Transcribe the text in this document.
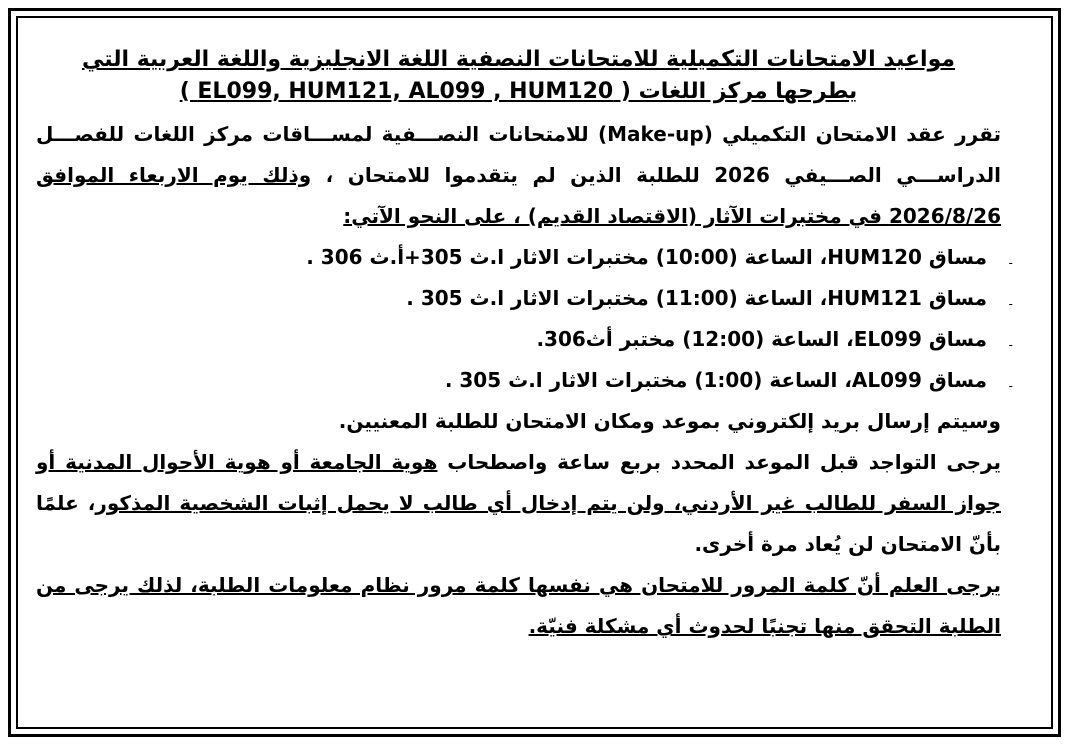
مواعيد الامتحانات التكميلية للامتحانات النصفية اللغة الانجليزية واللغة العربية التي
يطرحها مركز اللغات ( EL099, HUM121, AL099 , HUM120 )
تقرر عقد الامتحان التكميلي (Make-up) للامتحانات النصـــفية لمســـاقات مركز اللغات للفصـــل الدراســـي الصـــيفي 2026 للطلبة الذين لم يتقدموا للامتحان ، وذلك يوم الاربعاء الموافق 2026/8/26 في مختبرات الآثار (الاقتصاد القديم) ، على النحو الآتي:
- مساق HUM120، الساعة (10:00) مختبرات الاثار ا.ث 305+أ.ث 306 .
- مساق HUM121، الساعة (11:00) مختبرات الاثار ا.ث 305 .
- مساق EL099، الساعة (12:00) مختبر أث306.
- مساق AL099، الساعة (1:00) مختبرات الاثار ا.ث 305 .
وسيتم إرسال بريد إلكتروني بموعد ومكان الامتحان للطلبة المعنيين.
يرجى التواجد قبل الموعد المحدد بربع ساعة واصطحاب هوية الجامعة أو هوية الأحوال المدنية أو جواز السفر للطالب غير الأردني، ولن يتم إدخال أي طالب لا يحمل إثبات الشخصية المذكور، علمًا بأنّ الامتحان لن يُعاد مرة أخرى.
يرجى العلم أنّ كلمة المرور للامتحان هي نفسها كلمة مرور نظام معلومات الطلبة، لذلك يرجى من الطلبة التحقق منها تجنبًا لحدوث أي مشكلة فنيّة.
